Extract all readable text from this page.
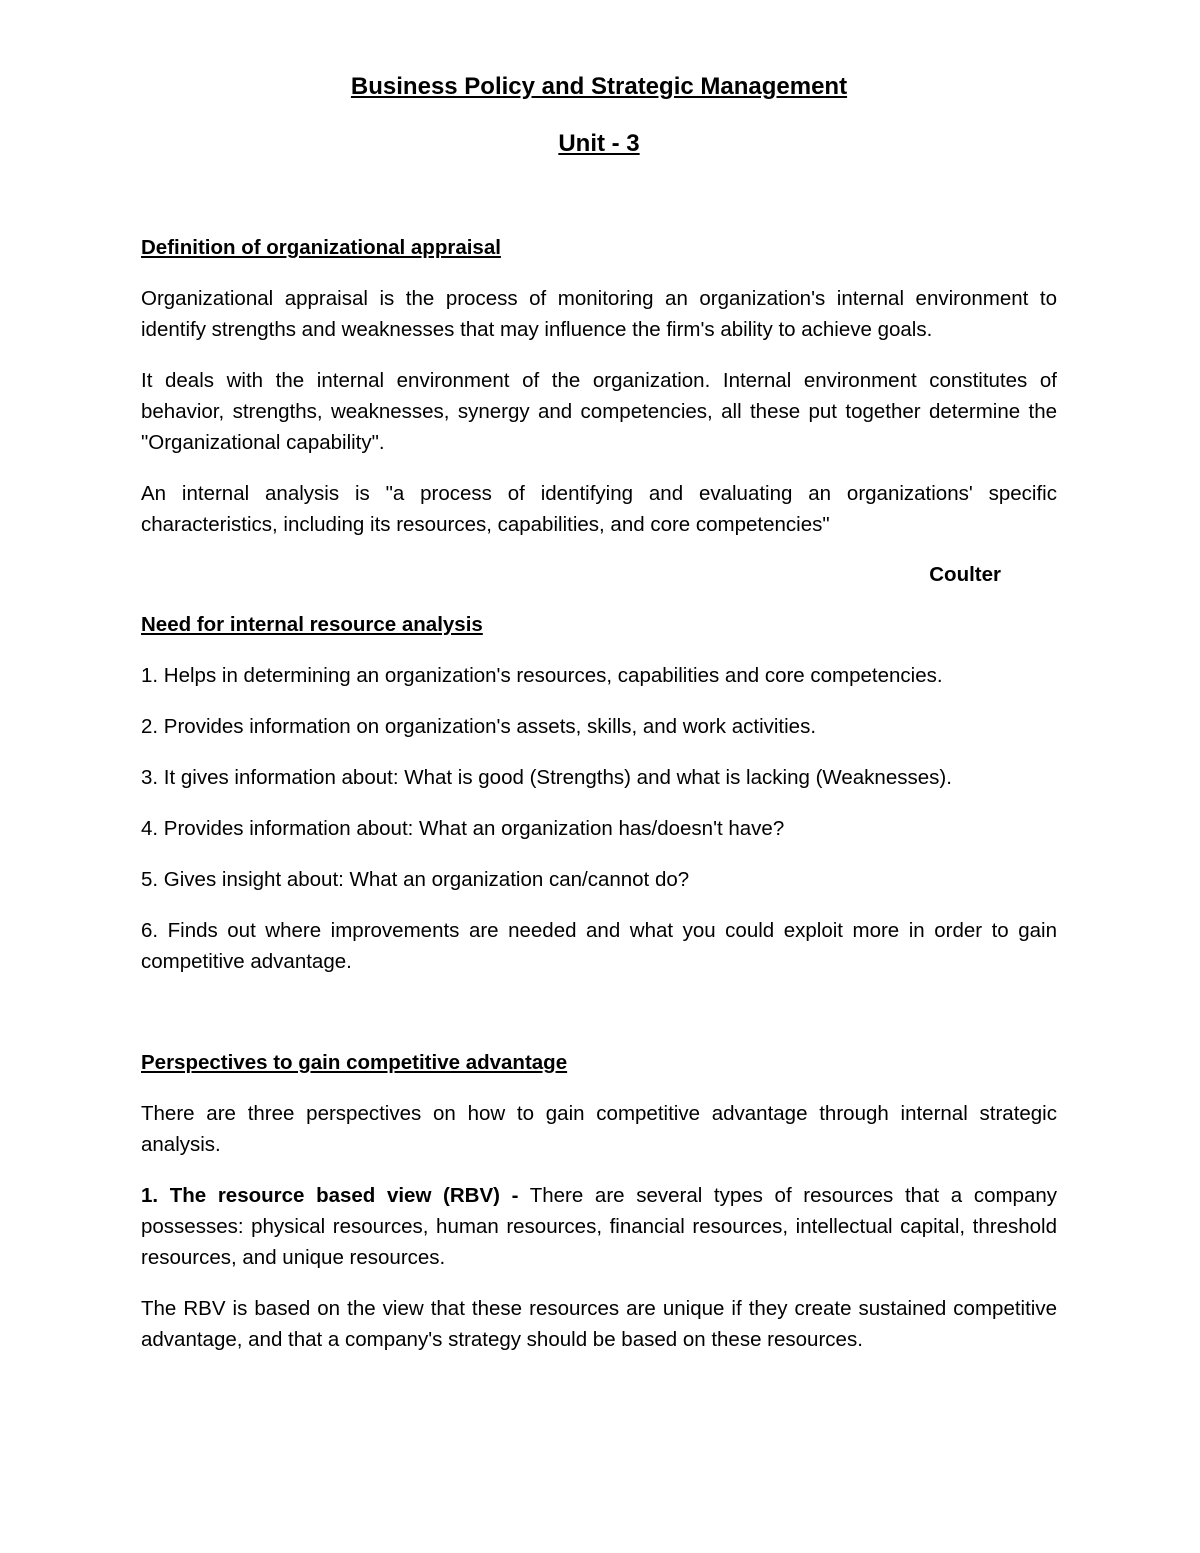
Business Policy and Strategic Management
Unit - 3
Definition of organizational appraisal

Organizational appraisal is the process of monitoring an organization's internal environment to identify strengths and weaknesses that may influence the firm's ability to achieve goals.

It deals with the internal environment of the organization. Internal environment constitutes of behavior, strengths, weaknesses, synergy and competencies, all these put together determine the "Organizational capability".

An internal analysis is "a process of identifying and evaluating an organizations' specific characteristics, including its resources, capabilities, and core competencies"

Coulter
Need for internal resource analysis

1. Helps in determining an organization's resources, capabilities and core competencies.

2. Provides information on organization's assets, skills, and work activities.

3. It gives information about: What is good (Strengths) and what is lacking (Weaknesses).

4. Provides information about: What an organization has/doesn't have?

5. Gives insight about: What an organization can/cannot do?

6. Finds out where improvements are needed and what you could exploit more in order to gain competitive advantage.

Perspectives to gain competitive advantage

There are three perspectives on how to gain competitive advantage through internal strategic analysis.

1. The resource based view (RBV) - There are several types of resources that a company possesses: physical resources, human resources, financial resources, intellectual capital, threshold resources, and unique resources.

The RBV is based on the view that these resources are unique if they create sustained competitive advantage, and that a company's strategy should be based on these resources.
